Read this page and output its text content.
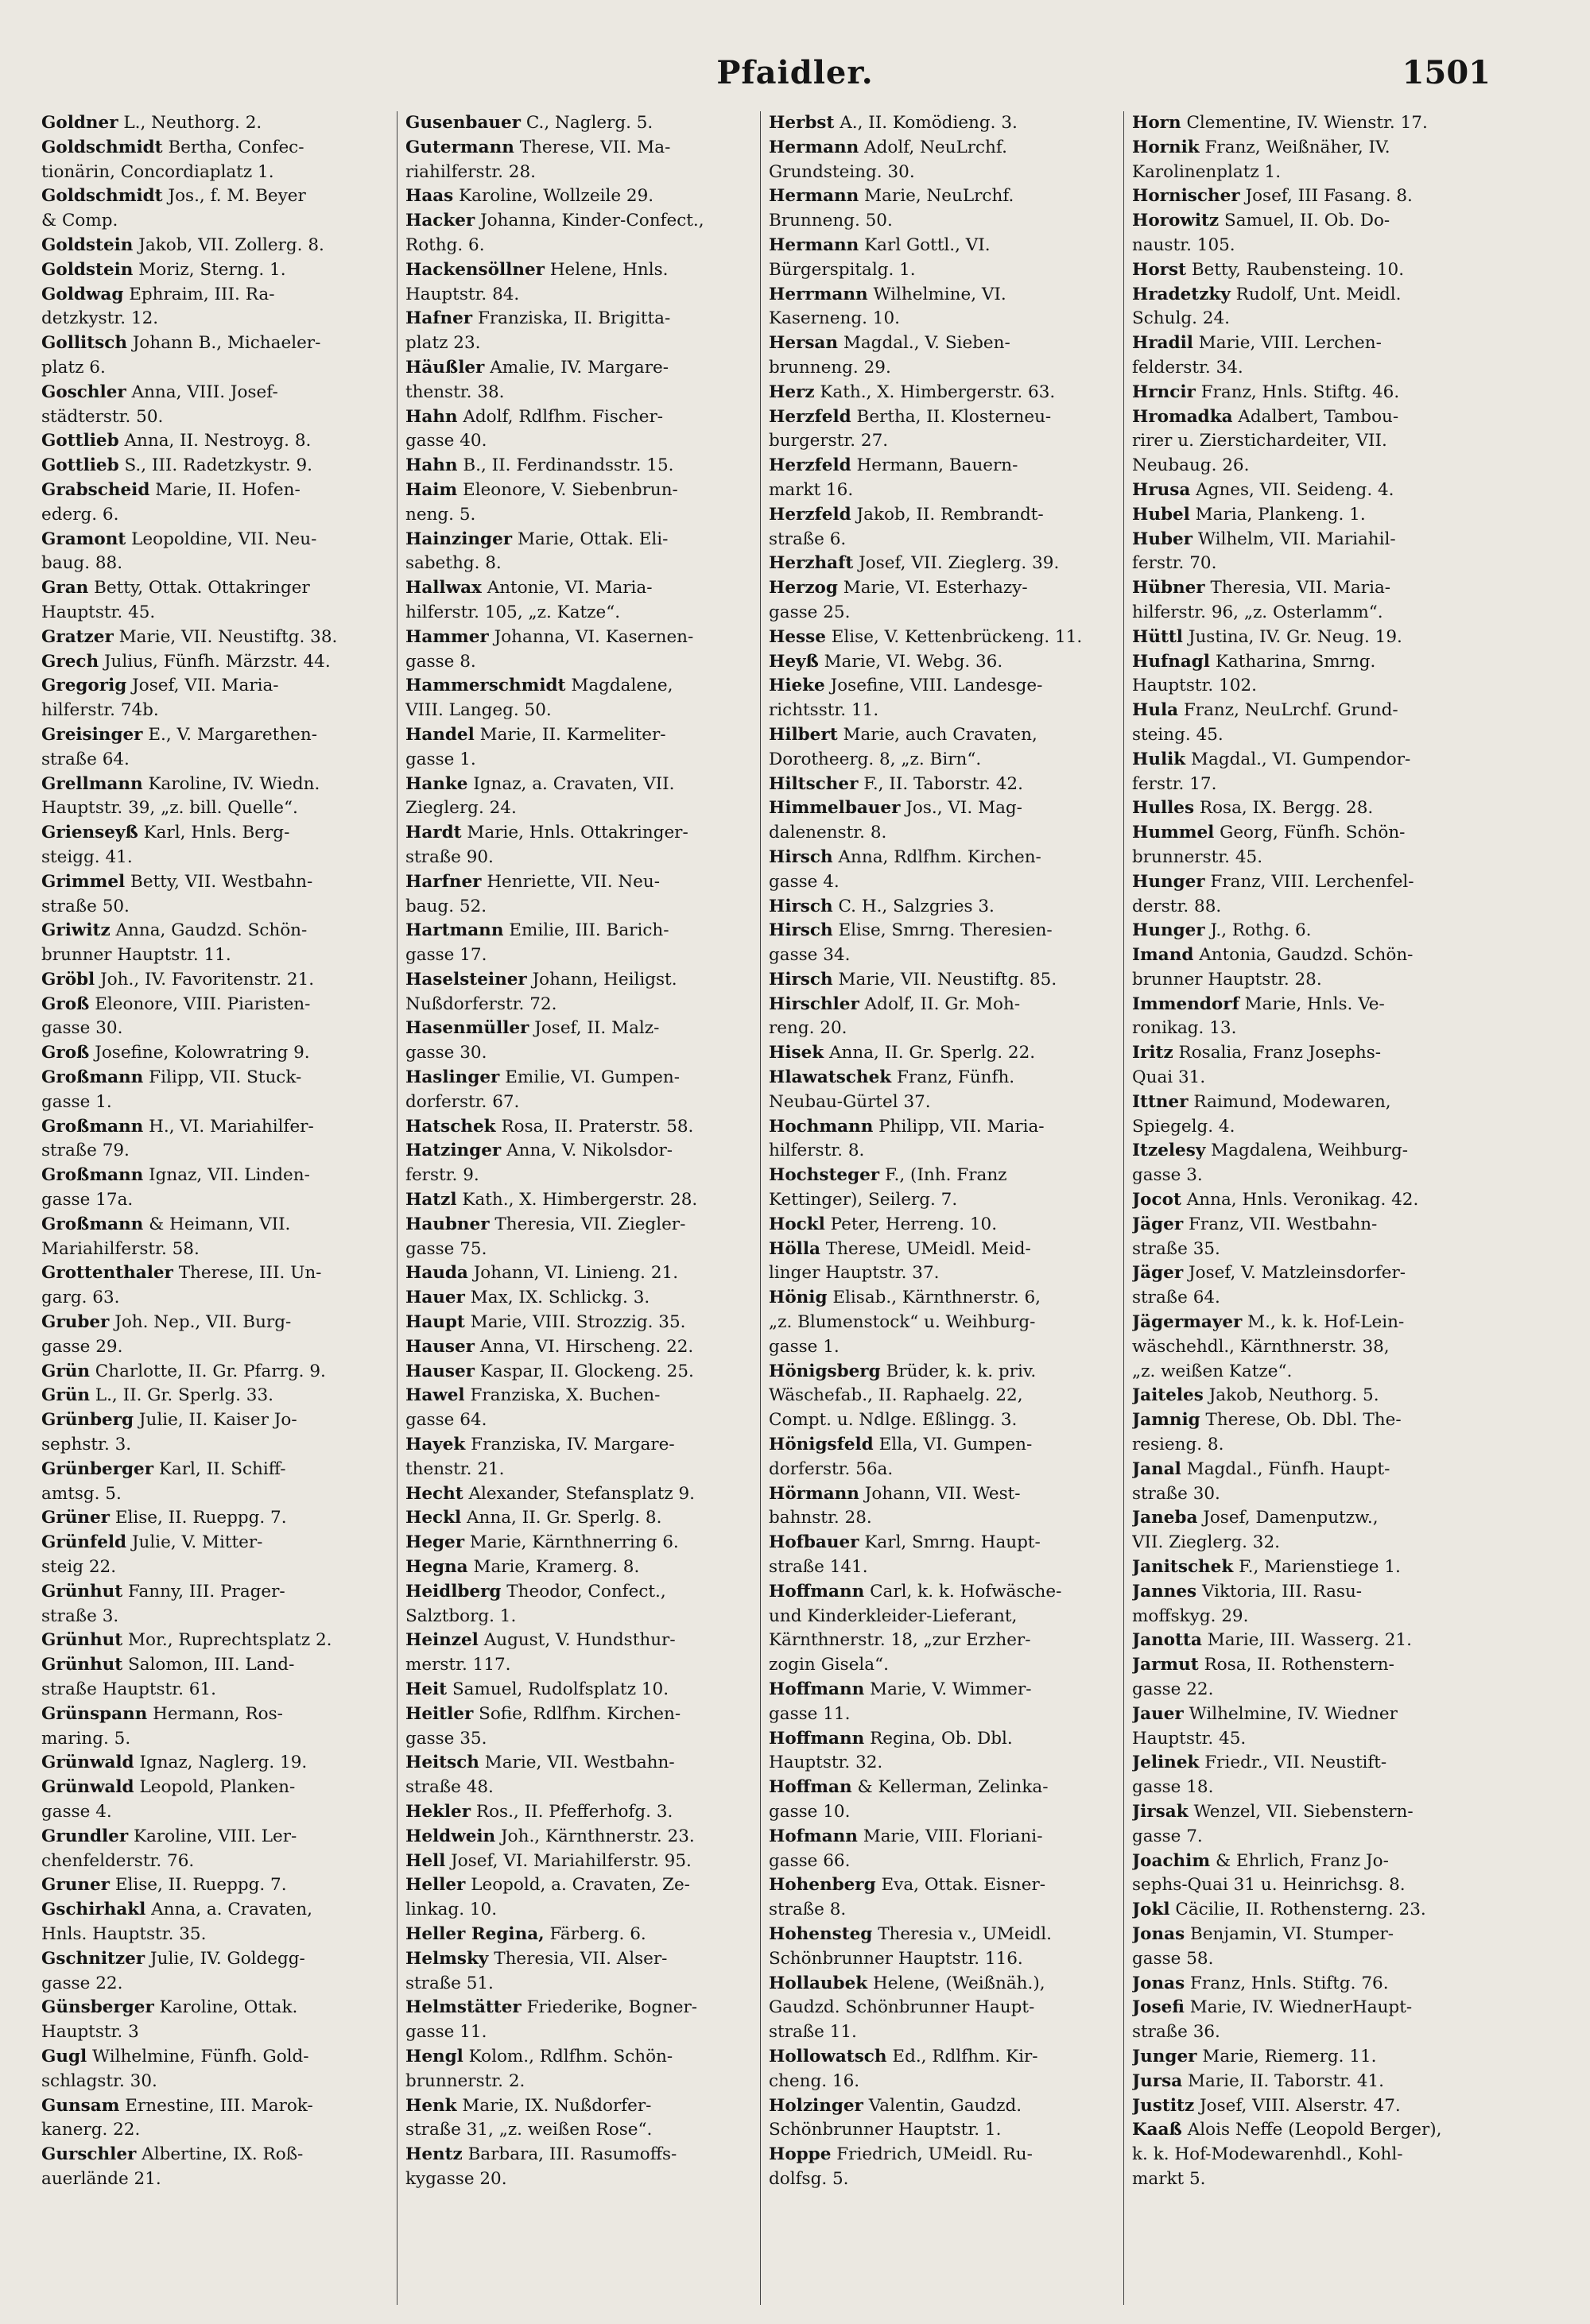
Pfaidler.	1501
Goldner L., Neuthorg. 2.
Goldschmidt Bertha, Confec-
tionärin, Concordiaplatz 1.
Goldschmidt Jos., f. M. Beyer
& Comp.
Goldstein Jakob, VII. Zollerg. 8.
Goldstein Moriz, Sterng. 1.
Goldwag Ephraim, III. Ra-
detzkystr. 12.
Gollitsch Johann B., Michaeler-
platz 6.
Goschler Anna, VIII. Josef-
städterstr. 50.
Gottlieb Anna, II. Nestroyg. 8.
Gottlieb S., III. Radetzkystr. 9.
Grabscheid Marie, II. Hofen-
ederg. 6.
Gramont Leopoldine, VII. Neu-
baug. 88.
Gran Betty, Ottak. Ottakringer
Hauptstr. 45.
Gratzer Marie, VII. Neustiftg. 38.
Grech Julius, Fünfh. Märzstr. 44.
Gregorig Josef, VII. Maria-
hilferstr. 74b.
Greisinger E., V. Margarethen-
straße 64.
Grellmann Karoline, IV. Wiedn.
Hauptstr. 39, „z. bill. Quelle“.
Grienseyß Karl, Hnls. Berg-
steigg. 41.
Grimmel Betty, VII. Westbahn-
straße 50.
Griwitz Anna, Gaudzd. Schön-
brunner Hauptstr. 11.
Gröbl Joh., IV. Favoritenstr. 21.
Groß Eleonore, VIII. Piaristen-
gasse 30.
Groß Josefine, Kolowratring 9.
Großmann Filipp, VII. Stuck-
gasse 1.
Großmann H., VI. Mariahilfer-
straße 79.
Großmann Ignaz, VII. Linden-
gasse 17a.
Großmann & Heimann, VII.
Mariahilferstr. 58.
Grottenthaler Therese, III. Un-
garg. 63.
Gruber Joh. Nep., VII. Burg-
gasse 29.
Grün Charlotte, II. Gr. Pfarrg. 9.
Grün L., II. Gr. Sperlg. 33.
Grünberg Julie, II. Kaiser Jo-
sephstr. 3.
Grünberger Karl, II. Schiff-
amtsg. 5.
Grüner Elise, II. Rueppg. 7.
Grünfeld Julie, V. Mitter-
steig 22.
Grünhut Fanny, III. Prager-
straße 3.
Grünhut Mor., Ruprechtsplatz 2.
Grünhut Salomon, III. Land-
straße Hauptstr. 61.
Grünspann Hermann, Ros-
maring. 5.
Grünwald Ignaz, Naglerg. 19.
Grünwald Leopold, Planken-
gasse 4.
Grundler Karoline, VIII. Ler-
chenfelderstr. 76.
Gruner Elise, II. Rueppg. 7.
Gschirhakl Anna, a. Cravaten,
Hnls. Hauptstr. 35.
Gschnitzer Julie, IV. Goldegg-
gasse 22.
Günsberger Karoline, Ottak.
Hauptstr. 3
Gugl Wilhelmine, Fünfh. Gold-
schlagstr. 30.
Gunsam Ernestine, III. Marok-
kanerg. 22.
Gurschler Albertine, IX. Roß-
auerlände 21.
Gusenbauer C., Naglerg. 5.
Gutermann Therese, VII. Ma-
riahilferstr. 28.
Haas Karoline, Wollzeile 29.
Hacker Johanna, Kinder-Confect.,
Rothg. 6.
Hackensöllner Helene, Hnls.
Hauptstr. 84.
Hafner Franziska, II. Brigitta-
platz 23.
Häußler Amalie, IV. Margare-
thenstr. 38.
Hahn Adolf, Rdlfhm. Fischer-
gasse 40.
Hahn B., II. Ferdinandsstr. 15.
Haim Eleonore, V. Siebenbrun-
neng. 5.
Hainzinger Marie, Ottak. Eli-
sabethg. 8.
Hallwax Antonie, VI. Maria-
hilferstr. 105, „z. Katze“.
Hammer Johanna, VI. Kasernen-
gasse 8.
Hammerschmidt Magdalene,
VIII. Langeg. 50.
Handel Marie, II. Karmeliter-
gasse 1.
Hanke Ignaz, a. Cravaten, VII.
Zieglerg. 24.
Hardt Marie, Hnls. Ottakringer-
straße 90.
Harfner Henriette, VII. Neu-
baug. 52.
Hartmann Emilie, III. Barich-
gasse 17.
Haselsteiner Johann, Heiligst.
Nußdorferstr. 72.
Hasenmüller Josef, II. Malz-
gasse 30.
Haslinger Emilie, VI. Gumpen-
dorferstr. 67.
Hatschek Rosa, II. Praterstr. 58.
Hatzinger Anna, V. Nikolsdor-
ferstr. 9.
Hatzl Kath., X. Himbergerstr. 28.
Haubner Theresia, VII. Ziegler-
gasse 75.
Hauda Johann, VI. Linieng. 21.
Hauer Max, IX. Schlickg. 3.
Haupt Marie, VIII. Strozzig. 35.
Hauser Anna, VI. Hirscheng. 22.
Hauser Kaspar, II. Glockeng. 25.
Hawel Franziska, X. Buchen-
gasse 64.
Hayek Franziska, IV. Margare-
thenstr. 21.
Hecht Alexander, Stefansplatz 9.
Heckl Anna, II. Gr. Sperlg. 8.
Heger Marie, Kärnthnerring 6.
Hegna Marie, Kramerg. 8.
Heidlberg Theodor, Confect.,
Salztborg. 1.
Heinzel August, V. Hundsthur-
merstr. 117.
Heit Samuel, Rudolfsplatz 10.
Heitler Sofie, Rdlfhm. Kirchen-
gasse 35.
Heitsch Marie, VII. Westbahn-
straße 48.
Hekler Ros., II. Pfefferhofg. 3.
Heldwein Joh., Kärnthnerstr. 23.
Hell Josef, VI. Mariahilferstr. 95.
Heller Leopold, a. Cravaten, Ze-
linkag. 10.
Heller Regina, Färberg. 6.
Helmsky Theresia, VII. Alser-
straße 51.
Helmstätter Friederike, Bogner-
gasse 11.
Hengl Kolom., Rdlfhm. Schön-
brunnerstr. 2.
Henk Marie, IX. Nußdorfer-
straße 31, „z. weißen Rose“.
Hentz Barbara, III. Rasumoffs-
kygasse 20.
Herbst A., II. Komödieng. 3.
Hermann Adolf, NeuLrchf.
Grundsteing. 30.
Hermann Marie, NeuLrchf.
Brunneng. 50.
Hermann Karl Gottl., VI.
Bürgerspitalg. 1.
Herrmann Wilhelmine, VI.
Kaserneng. 10.
Hersan Magdal., V. Sieben-
brunneng. 29.
Herz Kath., X. Himbergerstr. 63.
Herzfeld Bertha, II. Klosterneu-
burgerstr. 27.
Herzfeld Hermann, Bauern-
markt 16.
Herzfeld Jakob, II. Rembrandt-
straße 6.
Herzhaft Josef, VII. Zieglerg. 39.
Herzog Marie, VI. Esterhazy-
gasse 25.
Hesse Elise, V. Kettenbrückeng. 11.
Heyß Marie, VI. Webg. 36.
Hieke Josefine, VIII. Landesge-
richtsstr. 11.
Hilbert Marie, auch Cravaten,
Dorotheerg. 8, „z. Birn“.
Hiltscher F., II. Taborstr. 42.
Himmelbauer Jos., VI. Mag-
dalenenstr. 8.
Hirsch Anna, Rdlfhm. Kirchen-
gasse 4.
Hirsch C. H., Salzgries 3.
Hirsch Elise, Smrng. Theresien-
gasse 34.
Hirsch Marie, VII. Neustiftg. 85.
Hirschler Adolf, II. Gr. Moh-
reng. 20.
Hisek Anna, II. Gr. Sperlg. 22.
Hlawatschek Franz, Fünfh.
Neubau-Gürtel 37.
Hochmann Philipp, VII. Maria-
hilferstr. 8.
Hochsteger F., (Inh. Franz
Kettinger), Seilerg. 7.
Hockl Peter, Herreng. 10.
Hölla Therese, UMeidl. Meid-
linger Hauptstr. 37.
Hönig Elisab., Kärnthnerstr. 6,
„z. Blumenstock“ u. Weihburg-
gasse 1.
Hönigsberg Brüder, k. k. priv.
Wäschefab., II. Raphaelg. 22,
Compt. u. Ndlge. Eßlingg. 3.
Hönigsfeld Ella, VI. Gumpen-
dorferstr. 56a.
Hörmann Johann, VII. West-
bahnstr. 28.
Hofbauer Karl, Smrng. Haupt-
straße 141.
Hoffmann Carl, k. k. Hofwäsche-
und Kinderkleider-Lieferant,
Kärnthnerstr. 18, „zur Erzher-
zogin Gisela“.
Hoffmann Marie, V. Wimmer-
gasse 11.
Hoffmann Regina, Ob. Dbl.
Hauptstr. 32.
Hoffman & Kellerman, Zelinka-
gasse 10.
Hofmann Marie, VIII. Floriani-
gasse 66.
Hohenberg Eva, Ottak. Eisner-
straße 8.
Hohensteg Theresia v., UMeidl.
Schönbrunner Hauptstr. 116.
Hollaubek Helene, (Weißnäh.),
Gaudzd. Schönbrunner Haupt-
straße 11.
Hollowatsch Ed., Rdlfhm. Kir-
cheng. 16.
Holzinger Valentin, Gaudzd.
Schönbrunner Hauptstr. 1.
Hoppe Friedrich, UMeidl. Ru-
dolfsg. 5.
Horn Clementine, IV. Wienstr. 17.
Hornik Franz, Weißnäher, IV.
Karolinenplatz 1.
Hornischer Josef, III Fasang. 8.
Horowitz Samuel, II. Ob. Do-
naustr. 105.
Horst Betty, Raubensteing. 10.
Hradetzky Rudolf, Unt. Meidl.
Schulg. 24.
Hradil Marie, VIII. Lerchen-
felderstr. 34.
Hrncir Franz, Hnls. Stiftg. 46.
Hromadka Adalbert, Tambou-
rirer u. Zierstichardeiter, VII.
Neubaug. 26.
Hrusa Agnes, VII. Seideng. 4.
Hubel Maria, Plankeng. 1.
Huber Wilhelm, VII. Mariahil-
ferstr. 70.
Hübner Theresia, VII. Maria-
hilferstr. 96, „z. Osterlamm“.
Hüttl Justina, IV. Gr. Neug. 19.
Hufnagl Katharina, Smrng.
Hauptstr. 102.
Hula Franz, NeuLrchf. Grund-
steing. 45.
Hulik Magdal., VI. Gumpendor-
ferstr. 17.
Hulles Rosa, IX. Bergg. 28.
Hummel Georg, Fünfh. Schön-
brunnerstr. 45.
Hunger Franz, VIII. Lerchenfel-
derstr. 88.
Hunger J., Rothg. 6.
Imand Antonia, Gaudzd. Schön-
brunner Hauptstr. 28.
Immendorf Marie, Hnls. Ve-
ronikag. 13.
Iritz Rosalia, Franz Josephs-
Quai 31.
Ittner Raimund, Modewaren,
Spiegelg. 4.
Itzelesy Magdalena, Weihburg-
gasse 3.
Jocot Anna, Hnls. Veronikag. 42.
Jäger Franz, VII. Westbahn-
straße 35.
Jäger Josef, V. Matzleinsdorfer-
straße 64.
Jägermayer M., k. k. Hof-Lein-
wäschehdl., Kärnthnerstr. 38,
„z. weißen Katze“.
Jaiteles Jakob, Neuthorg. 5.
Jamnig Therese, Ob. Dbl. The-
resieng. 8.
Janal Magdal., Fünfh. Haupt-
straße 30.
Janeba Josef, Damenputzw.,
VII. Zieglerg. 32.
Janitschek F., Marienstiege 1.
Jannes Viktoria, III. Rasu-
moffskyg. 29.
Janotta Marie, III. Wasserg. 21.
Jarmut Rosa, II. Rothenstern-
gasse 22.
Jauer Wilhelmine, IV. Wiedner
Hauptstr. 45.
Jelinek Friedr., VII. Neustift-
gasse 18.
Jirsak Wenzel, VII. Siebenstern-
gasse 7.
Joachim & Ehrlich, Franz Jo-
sephs-Quai 31 u. Heinrichsg. 8.
Jokl Cäcilie, II. Rothensterng. 23.
Jonas Benjamin, VI. Stumper-
gasse 58.
Jonas Franz, Hnls. Stiftg. 76.
Josefi Marie, IV. WiednerHaupt-
straße 36.
Junger Marie, Riemerg. 11.
Jursa Marie, II. Taborstr. 41.
Justitz Josef, VIII. Alserstr. 47.
Kaaß Alois Neffe (Leopold Berger),
k. k. Hof-Modewarenhdl., Kohl-
markt 5.
